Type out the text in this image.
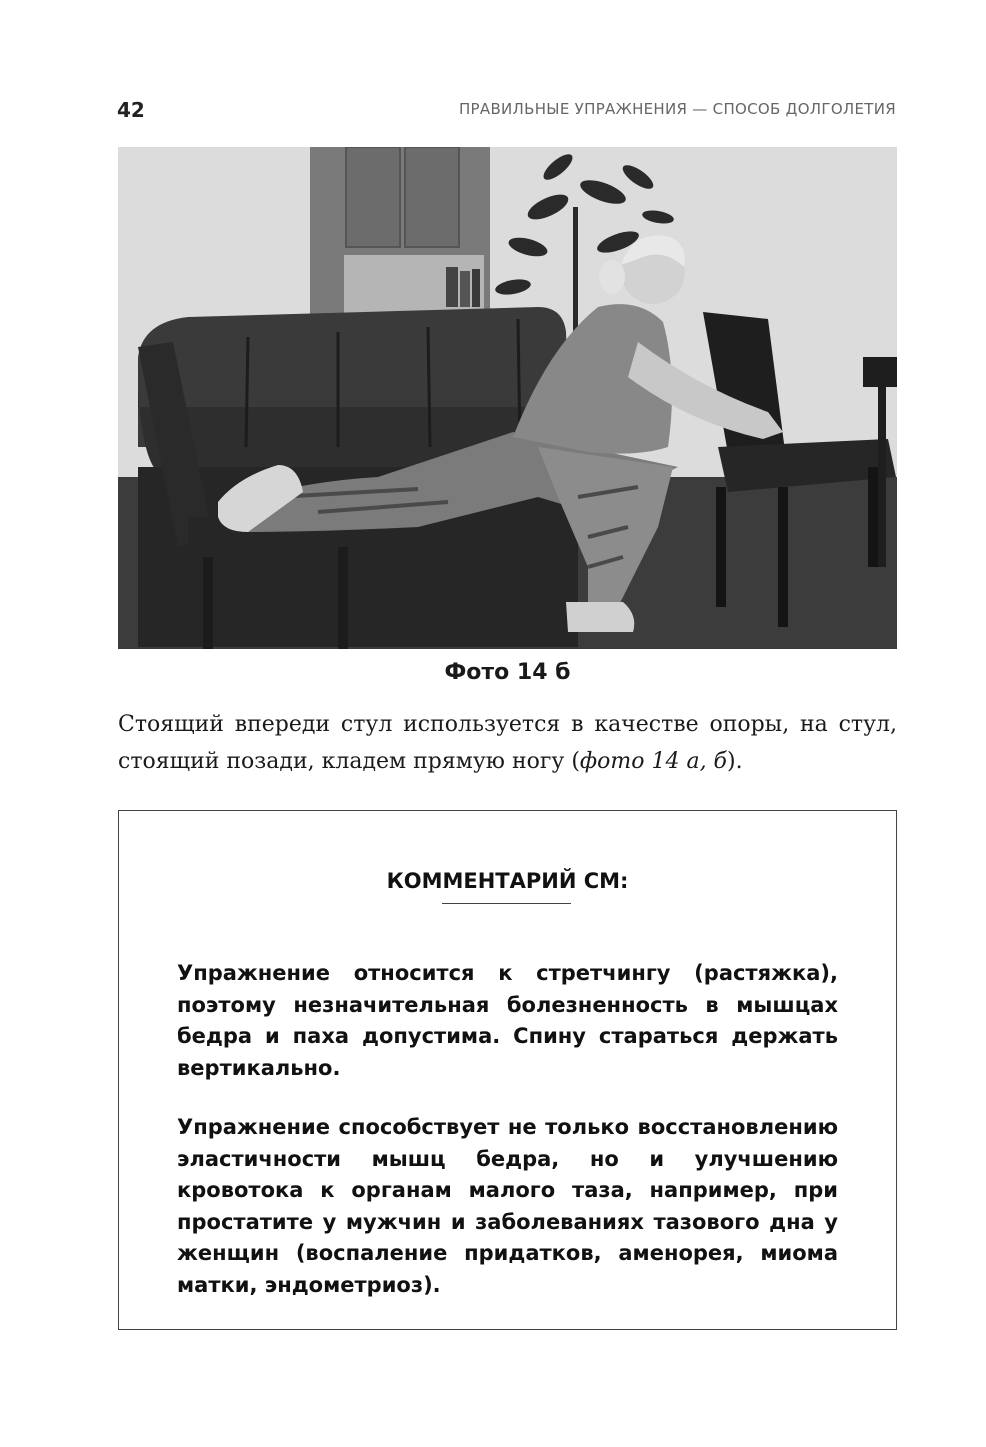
42	ПРАВИЛЬНЫЕ УПРАЖНЕНИЯ — СПОСОБ ДОЛГОЛЕТИЯ
Фото 14 б

Стоящий впереди стул используется в качестве опоры, на стул, стоящий позади, кладем прямую ногу (фото 14 а, б).

КОММЕНТАРИЙ СМ:

Упражнение относится к стретчингу (растяжка), поэтому незначительная болезненность в мышцах бедра и паха допустима. Спину стараться держать вертикально.

Упражнение способствует не только восстановлению эластичности мышц бедра, но и улучшению кровотока к органам малого таза, например, при простатите у мужчин и заболеваниях тазового дна у женщин (воспаление придатков, аменорея, миома матки, эндометриоз).
